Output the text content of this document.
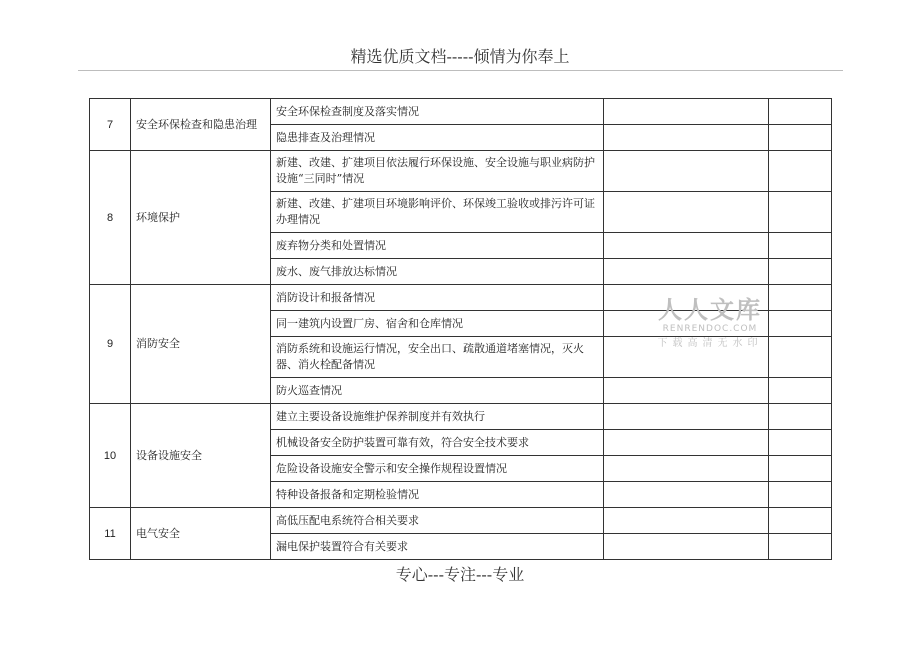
精选优质文档-----倾情为你奉上
7	安全环保检查和隐患治理	安全环保检查制度及落实情况		
		隐患排查及治理情况		
8	环境保护	新建、改建、扩建项目依法履行环保设施、安全设施与职业病防护设施“三同时”情况		
		新建、改建、扩建项目环境影响评价、环保竣工验收或排污许可证办理情况		
		废弃物分类和处置情况		
		废水、废气排放达标情况		
9	消防安全	消防设计和报备情况		
		同一建筑内设置厂房、宿舍和仓库情况		
		消防系统和设施运行情况，安全出口、疏散通道堵塞情况，灭火器、消火栓配备情况		
		防火巡查情况		
10	设备设施安全	建立主要设备设施维护保养制度并有效执行		
		机械设备安全防护装置可靠有效，符合安全技术要求		
		危险设备设施安全警示和安全操作规程设置情况		
		特种设备报备和定期检验情况		
11	电气安全	高低压配电系统符合相关要求		
		漏电保护装置符合有关要求		
人人文库
RENRENDOC.COM
下载高清无水印
专心---专注---专业
